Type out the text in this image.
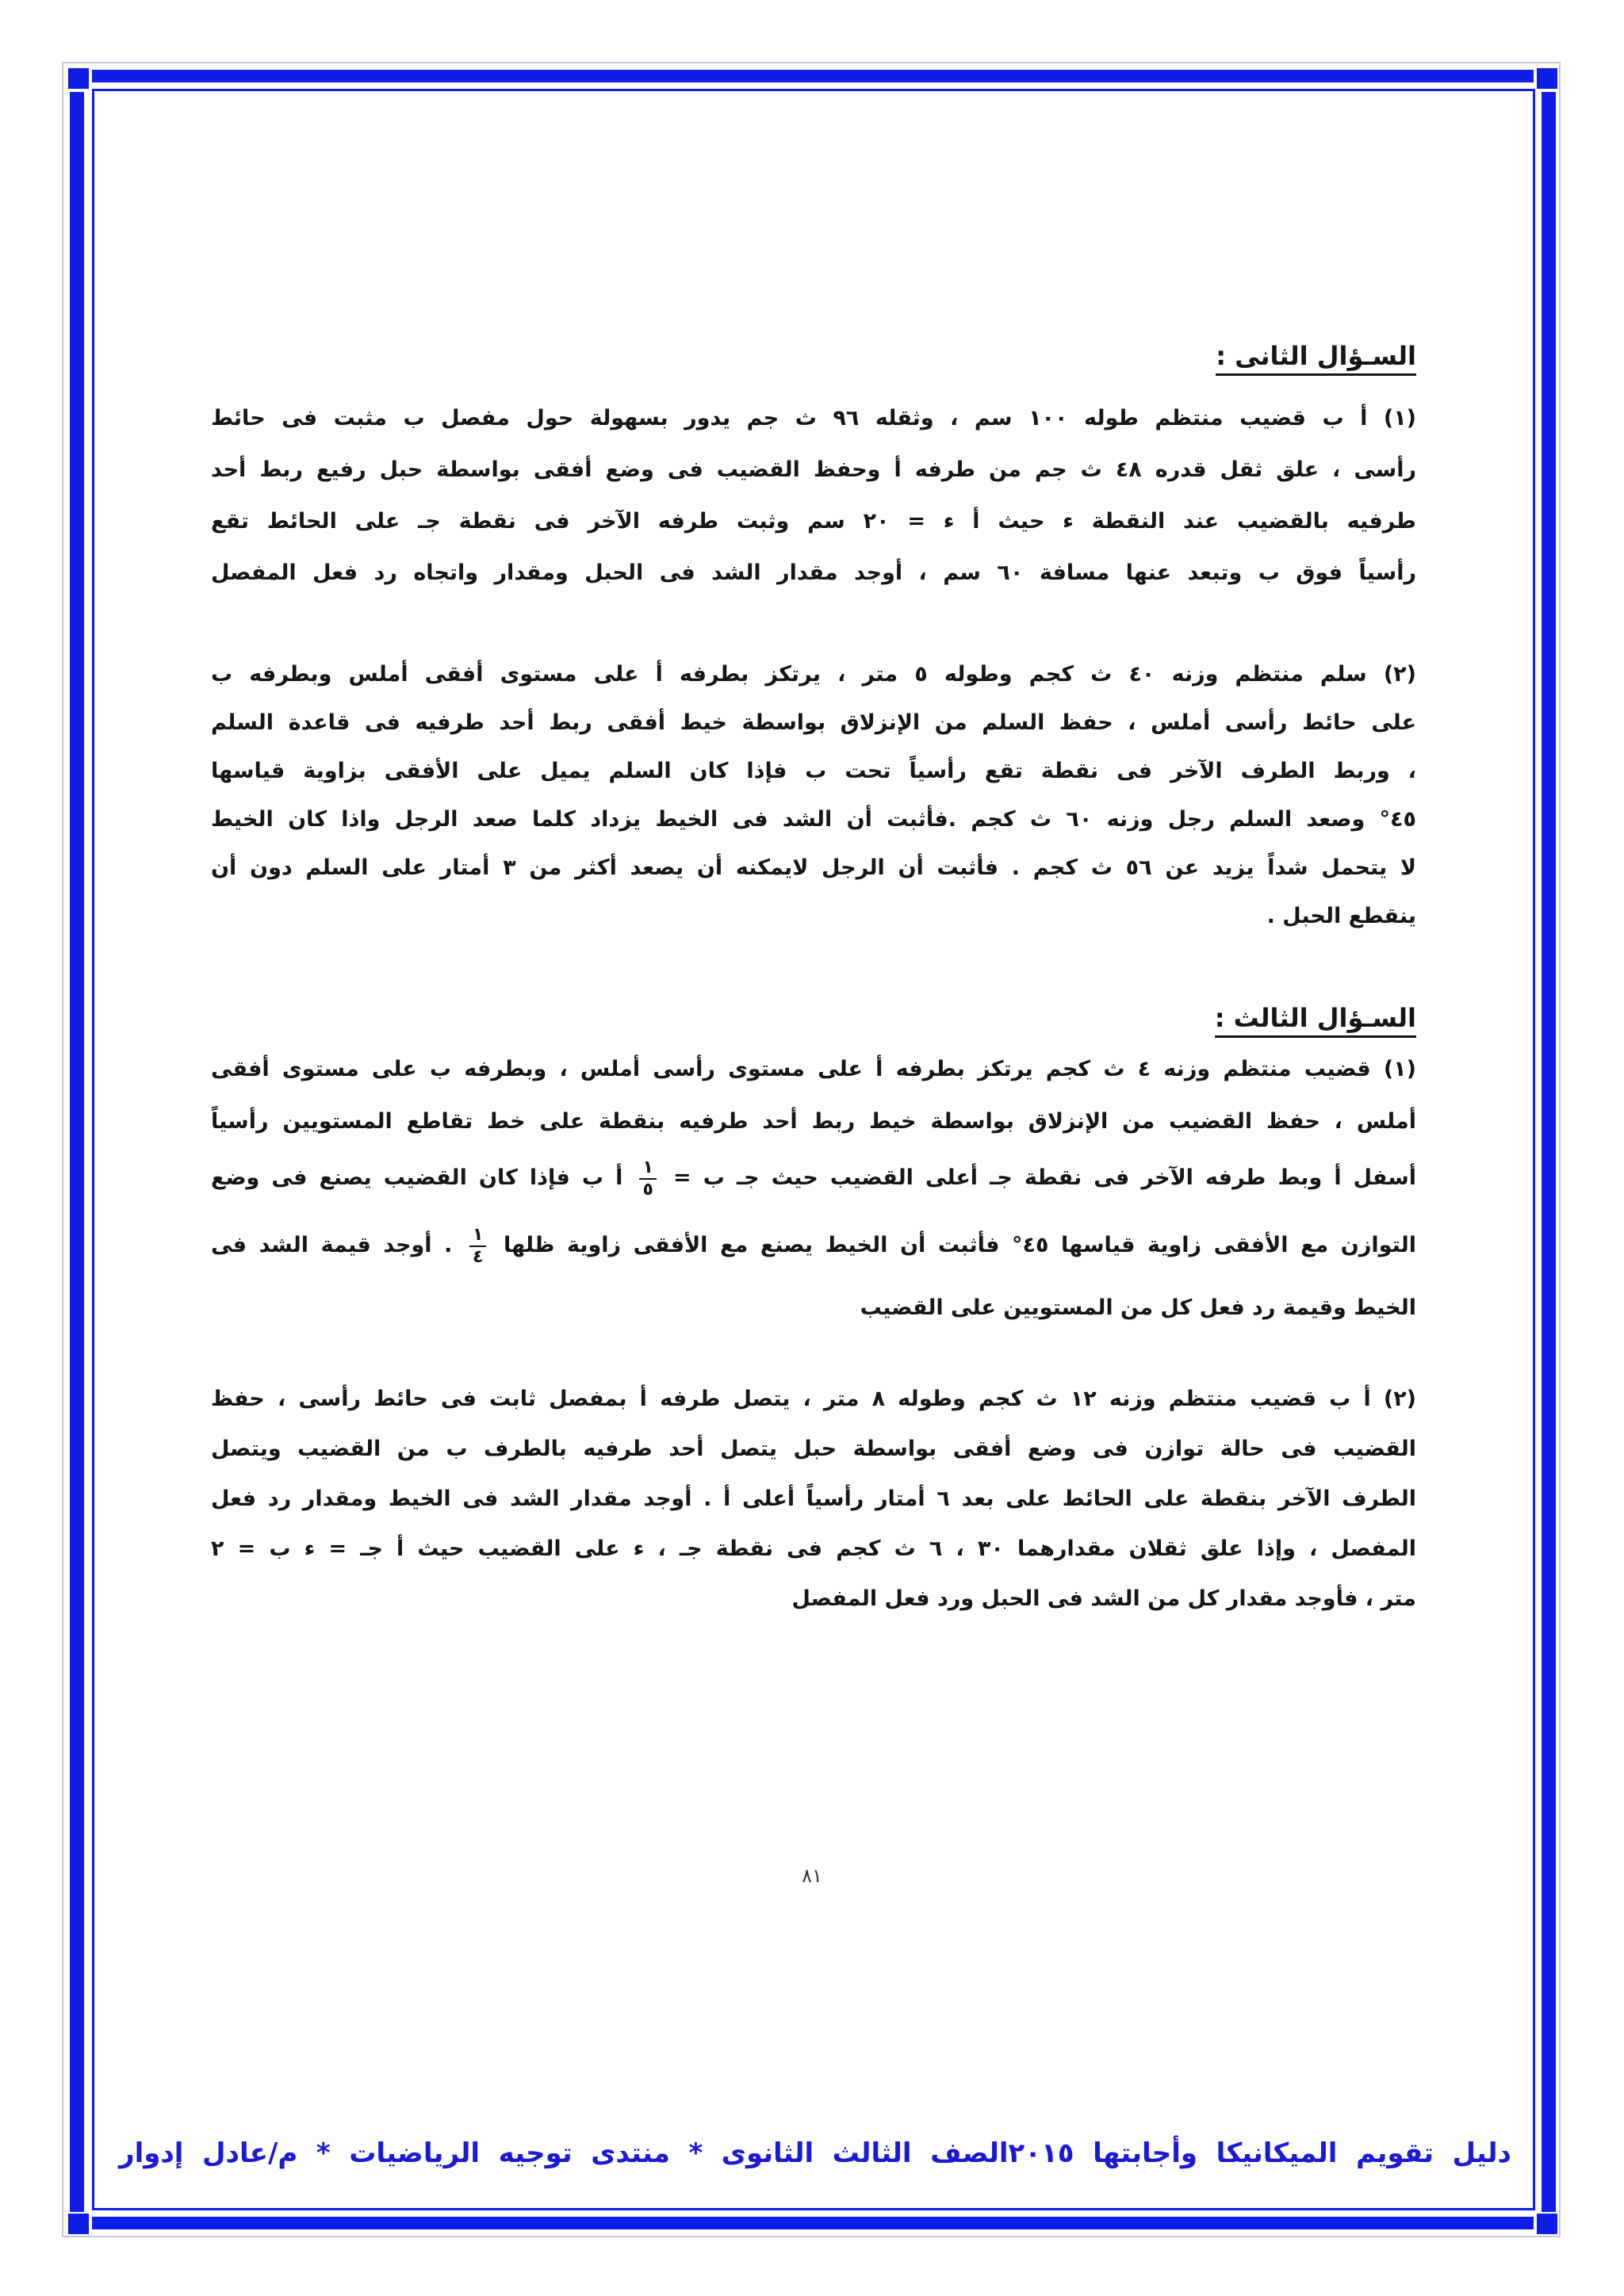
السـؤال الثانى :
(١) أ ب قضيب منتظم طوله ١٠٠ سم ، وثقله ٩٦ ث جم يدور بسهولة حول مفصل ب مثبت فى حائط
رأسى ، علق ثقل قدره ٤٨ ث جم من طرفه أ وحفظ القضيب فى وضع أفقى بواسطة حبل رفيع ربط أحد
طرفيه بالقضيب عند النقطة ء حيث أ ء = ٢٠ سم وثبت طرفه الآخر فى نقطة جـ على الحائط تقع
رأسياً فوق ب وتبعد عنها مسافة ٦٠ سم ، أوجد مقدار الشد فى الحبل ومقدار واتجاه رد فعل المفصل
(٢) سلم منتظم وزنه ٤٠ ث كجم وطوله ٥ متر ، يرتكز بطرفه أ على مستوى أفقى أملس وبطرفه ب
على حائط رأسى أملس ، حفظ السلم من الإنزلاق بواسطة خيط أفقى ربط أحد طرفيه فى قاعدة السلم
، وربط الطرف الآخر فى نقطة تقع رأسياً تحت ب فإذا كان السلم يميل على الأفقى بزاوية قياسها
٤٥° وصعد السلم رجل وزنه ٦٠ ث كجم .فأثبت أن الشد فى الخيط يزداد كلما صعد الرجل واذا كان الخيط
لا يتحمل شداً يزيد عن ٥٦ ث كجم . فأثبت أن الرجل لايمكنه أن يصعد أكثر من ٣ أمتار على السلم دون أن
ينقطع الحبل .
السـؤال الثالث :
(١) قضيب منتظم وزنه ٤ ث كجم يرتكز بطرفه أ على مستوى رأسى أملس ، وبطرفه ب على مستوى أفقى
أملس ، حفظ القضيب من الإنزلاق بواسطة خيط ربط أحد طرفيه بنقطة على خط تقاطع المستويين رأسياً
أسفل أ وبط طرفه الآخر فى نقطة جـ أعلى القضيب حيث جـ ب =
$\frac{١}{٥}$
أ ب فإذا كان القضيب يصنع فى وضع
التوازن مع الأفقى زاوية قياسها ٤٥° فأثبت أن الخيط يصنع مع الأفقى زاوية ظلها
$\frac{١}{٤}$
. أوجد قيمة الشد فى
الخيط وقيمة رد فعل كل من المستويين على القضيب
(٢) أ ب قضيب منتظم وزنه ١٢ ث كجم وطوله ٨ متر ، يتصل طرفه أ بمفصل ثابت فى حائط رأسى ، حفظ
القضيب فى حالة توازن فى وضع أفقى بواسطة حبل يتصل أحد طرفيه بالطرف ب من القضيب ويتصل
الطرف الآخر بنقطة على الحائط على بعد ٦ أمتار رأسياً أعلى أ . أوجد مقدار الشد فى الخيط ومقدار رد فعل
المفصل ، وإذا علق ثقلان مقدارهما ٣٠ ، ٦ ث كجم فى نقطة جـ ، ء على القضيب حيث أ جـ = ء ب = ٢
متر ، فأوجد مقدار كل من الشد فى الحبل ورد فعل المفصل
٨١
دليل تقويم الميكانيكا وأجابتها ٢٠١٥الصف الثالث الثانوى * منتدى توجيه الرياضيات * م/عادل إدوار
